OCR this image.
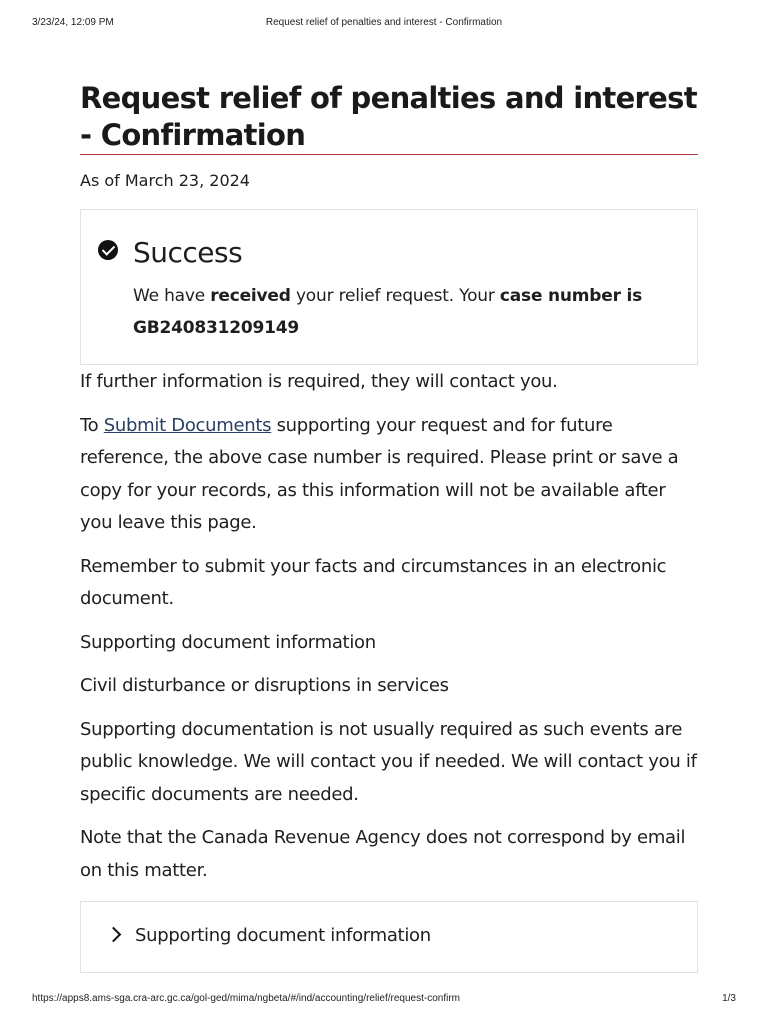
3/23/24, 12:09 PM	Request relief of penalties and interest - Confirmation
Request relief of penalties and interest - Confirmation
As of March 23, 2024
Success

We have received your relief request. Your case number is GB240831209149

If further information is required, they will contact you.

To Submit Documents supporting your request and for future reference, the above case number is required. Please print or save a copy for your records, as this information will not be available after you leave this page.

Remember to submit your facts and circumstances in an electronic document.

Supporting document information

Civil disturbance or disruptions in services

Supporting documentation is not usually required as such events are public knowledge. We will contact you if needed. We will contact you if specific documents are needed.

Note that the Canada Revenue Agency does not correspond by email on this matter.

Supporting document information
https://apps8.ams-sga.cra-arc.gc.ca/gol-ged/mima/ngbeta/#/ind/accounting/relief/request-confirm	1/3
